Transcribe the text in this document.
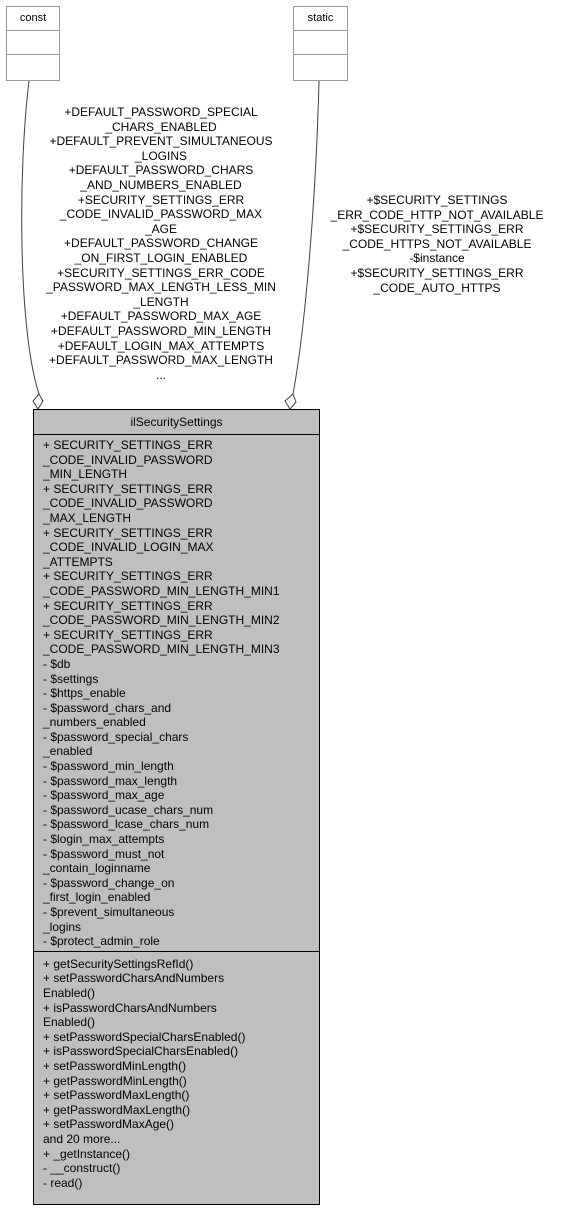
const	static
+DEFAULT_PASSWORD_SPECIAL
_CHARS_ENABLED
+DEFAULT_PREVENT_SIMULTANEOUS
_LOGINS
+DEFAULT_PASSWORD_CHARS
_AND_NUMBERS_ENABLED
+SECURITY_SETTINGS_ERR
_CODE_INVALID_PASSWORD_MAX
_AGE
+DEFAULT_PASSWORD_CHANGE
_ON_FIRST_LOGIN_ENABLED
+SECURITY_SETTINGS_ERR_CODE
_PASSWORD_MAX_LENGTH_LESS_MIN
_LENGTH
+DEFAULT_PASSWORD_MAX_AGE
+DEFAULT_PASSWORD_MIN_LENGTH
+DEFAULT_LOGIN_MAX_ATTEMPTS
+DEFAULT_PASSWORD_MAX_LENGTH
...
+$SECURITY_SETTINGS
_ERR_CODE_HTTP_NOT_AVAILABLE
+$SECURITY_SETTINGS_ERR
_CODE_HTTPS_NOT_AVAILABLE
-$instance
+$SECURITY_SETTINGS_ERR
_CODE_AUTO_HTTPS
ilSecuritySettings
+ SECURITY_SETTINGS_ERR
_CODE_INVALID_PASSWORD
_MIN_LENGTH
+ SECURITY_SETTINGS_ERR
_CODE_INVALID_PASSWORD
_MAX_LENGTH
+ SECURITY_SETTINGS_ERR
_CODE_INVALID_LOGIN_MAX
_ATTEMPTS
+ SECURITY_SETTINGS_ERR
_CODE_PASSWORD_MIN_LENGTH_MIN1
+ SECURITY_SETTINGS_ERR
_CODE_PASSWORD_MIN_LENGTH_MIN2
+ SECURITY_SETTINGS_ERR
_CODE_PASSWORD_MIN_LENGTH_MIN3
- $db
- $settings
- $https_enable
- $password_chars_and
_numbers_enabled
- $password_special_chars
_enabled
- $password_min_length
- $password_max_length
- $password_max_age
- $password_ucase_chars_num
- $password_lcase_chars_num
- $login_max_attempts
- $password_must_not
_contain_loginname
- $password_change_on
_first_login_enabled
- $prevent_simultaneous
_logins
- $protect_admin_role
+ getSecuritySettingsRefId()
+ setPasswordCharsAndNumbers
Enabled()
+ isPasswordCharsAndNumbers
Enabled()
+ setPasswordSpecialCharsEnabled()
+ isPasswordSpecialCharsEnabled()
+ setPasswordMinLength()
+ getPasswordMinLength()
+ setPasswordMaxLength()
+ getPasswordMaxLength()
+ setPasswordMaxAge()
and 20 more...
+ _getInstance()
- __construct()
- read()
